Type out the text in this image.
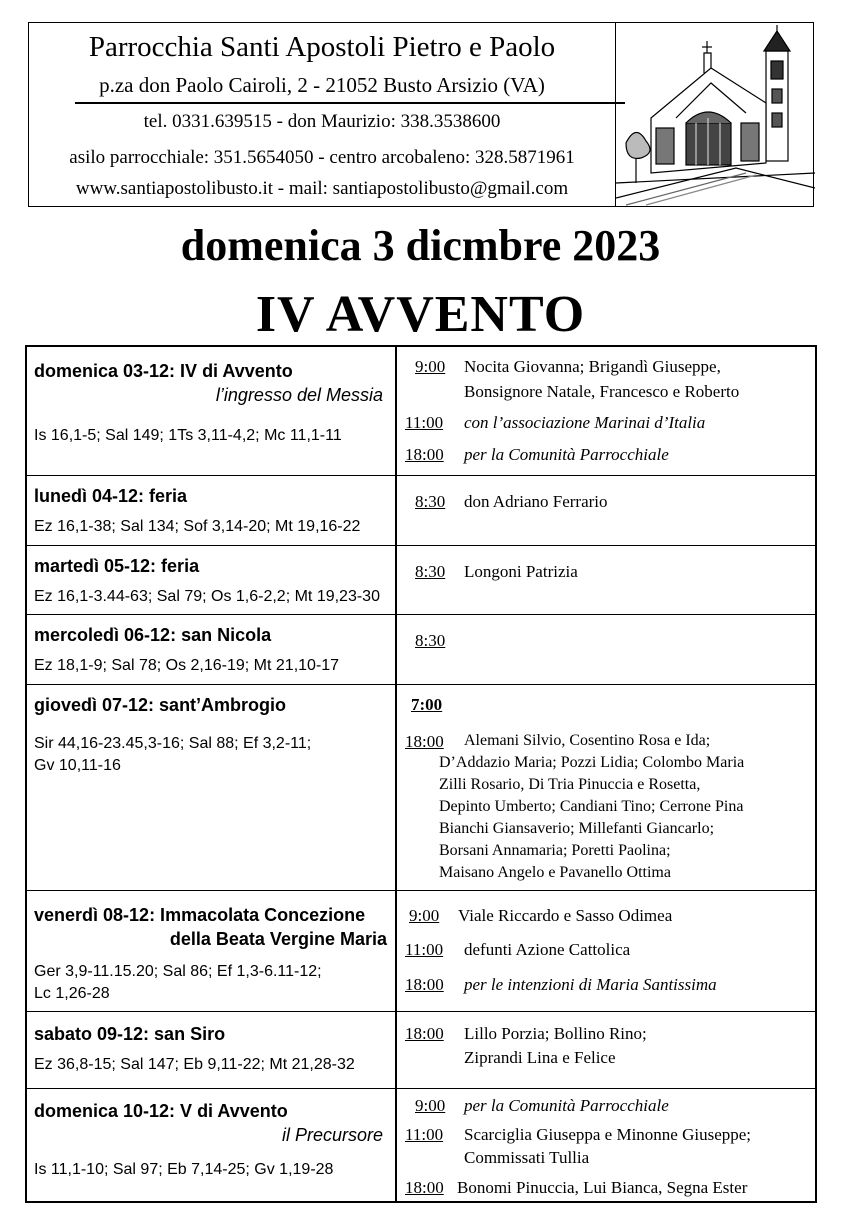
Parrocchia Santi Apostoli Pietro e Paolo
p.za don Paolo Cairoli, 2 - 21052 Busto Arsizio (VA)
tel. 0331.639515 - don Maurizio: 338.3538600
asilo parrocchiale: 351.5654050 - centro arcobaleno: 328.5871961
www.santiapostolibusto.it - mail: santiapostolibusto@gmail.com
domenica 3 dicmbre 2023
IV AVVENTO
domenica 03-12: IV di Avvento
l’ingresso del Messia
Is 16,1-5; Sal 149; 1Ts 3,11-4,2; Mc 11,1-11
9:00 Nocita Giovanna; Brigandì Giuseppe,
Bonsignore Natale, Francesco e Roberto
11:00 con l’associazione Marinai d’Italia
18:00 per la Comunità Parrocchiale
lunedì 04-12: feria
Ez 16,1-38; Sal 134; Sof 3,14-20; Mt 19,16-22
8:30 don Adriano Ferrario
martedì 05-12: feria
Ez 16,1-3.44-63; Sal 79; Os 1,6-2,2; Mt 19,23-30
8:30 Longoni Patrizia
mercoledì 06-12: san Nicola
Ez 18,1-9; Sal 78; Os 2,16-19; Mt 21,10-17
8:30
giovedì 07-12: sant’Ambrogio
Sir 44,16-23.45,3-16; Sal 88; Ef 3,2-11;
Gv 10,11-16
7:00
18:00 Alemani Silvio, Cosentino Rosa e Ida;
D’Addazio Maria; Pozzi Lidia; Colombo Maria
Zilli Rosario, Di Tria Pinuccia e Rosetta,
Depinto Umberto; Candiani Tino; Cerrone Pina
Bianchi Giansaverio; Millefanti Giancarlo;
Borsani Annamaria; Poretti Paolina;
Maisano Angelo e Pavanello Ottima
venerdì 08-12: Immacolata Concezione
della Beata Vergine Maria
Ger 3,9-11.15.20; Sal 86; Ef 1,3-6.11-12;
Lc 1,26-28
9:00 Viale Riccardo e Sasso Odimea
11:00 defunti Azione Cattolica
18:00 per le intenzioni di Maria Santissima
sabato 09-12: san Siro
Ez 36,8-15; Sal 147; Eb 9,11-22; Mt 21,28-32
18:00 Lillo Porzia; Bollino Rino;
Ziprandi Lina e Felice
domenica 10-12: V di Avvento
il Precursore
Is 11,1-10; Sal 97; Eb 7,14-25; Gv 1,19-28
9:00 per la Comunità Parrocchiale
11:00 Scarciglia Giuseppa e Minonne Giuseppe;
Commissati Tullia
18:00 Bonomi Pinuccia, Lui Bianca, Segna Ester
